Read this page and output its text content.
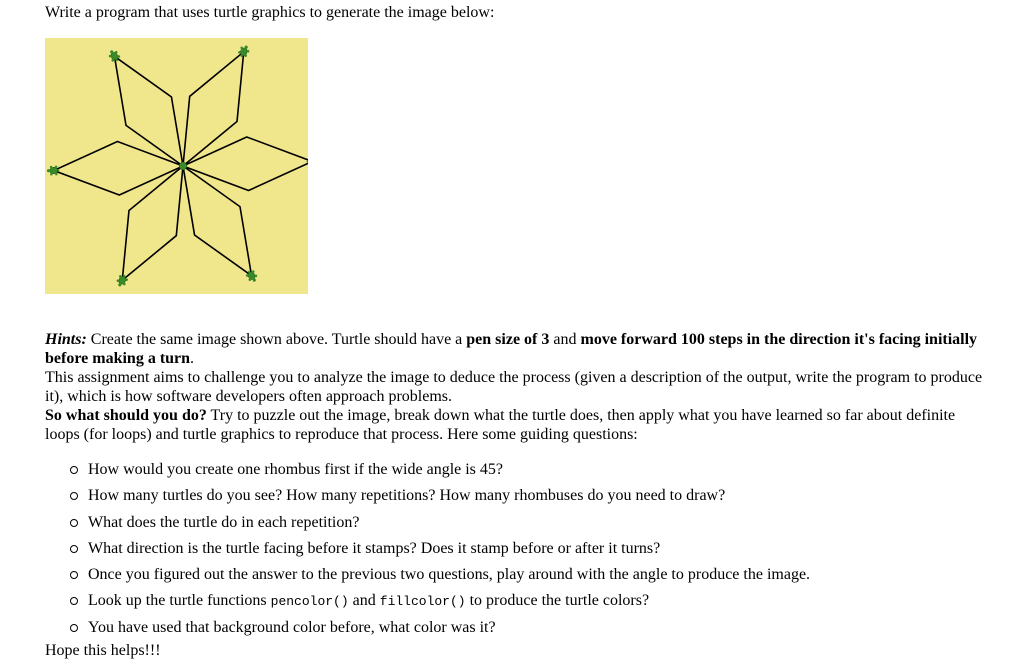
Write a program that uses turtle graphics to generate the image below:

Hints: Create the same image shown above. Turtle should have a pen size of 3 and move forward 100 steps in the direction it's facing initially before making a turn.

This assignment aims to challenge you to analyze the image to deduce the process (given a description of the output, write the program to produce it), which is how software developers often approach problems.

So what should you do? Try to puzzle out the image, break down what the turtle does, then apply what you have learned so far about definite loops (for loops) and turtle graphics to reproduce that process. Here some guiding questions:

How would you create one rhombus first if the wide angle is 45?
How many turtles do you see? How many repetitions? How many rhombuses do you need to draw?
What does the turtle do in each repetition?
What direction is the turtle facing before it stamps? Does it stamp before or after it turns?
Once you figured out the answer to the previous two questions, play around with the angle to produce the image.
Look up the turtle functions pencolor() and fillcolor() to produce the turtle colors?
You have used that background color before, what color was it?

Hope this helps!!!
